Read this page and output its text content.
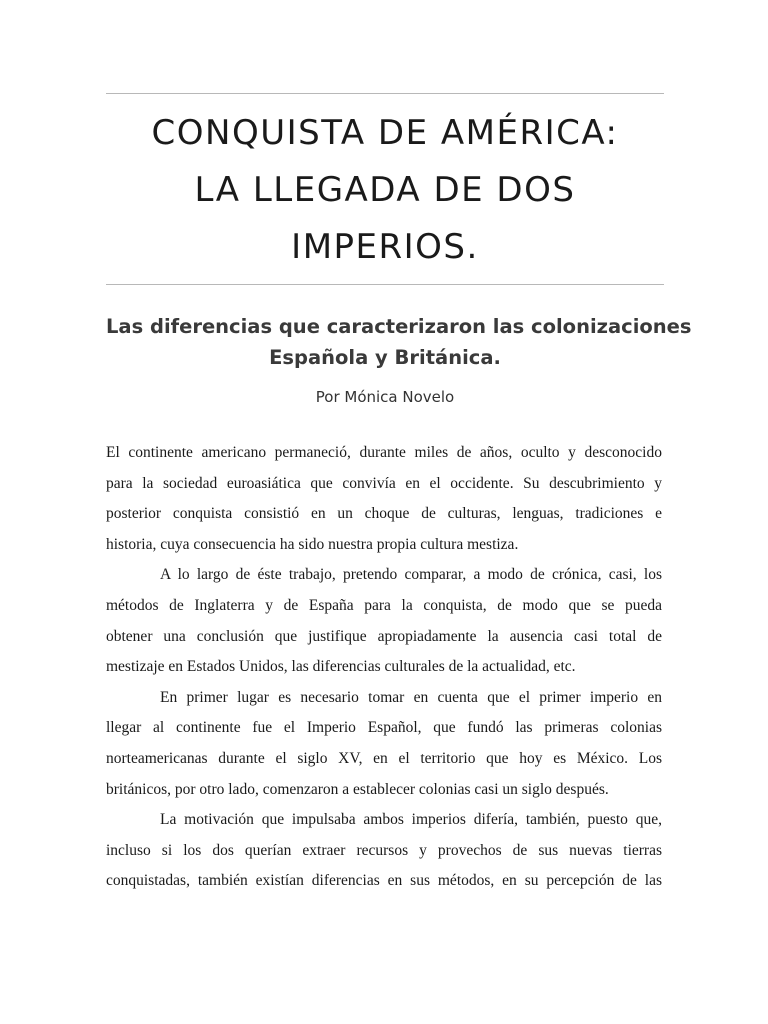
CONQUISTA DE AMÉRICA:
LA LLEGADA DE DOS
IMPERIOS.
Las diferencias que caracterizaron las colonizaciones
Española y Británica.

Por Mónica Novelo

El continente americano permaneció, durante miles de años, oculto y desconocido
para la sociedad euroasiática que convivía en el occidente. Su descubrimiento y
posterior conquista consistió en un choque de culturas, lenguas, tradiciones e
historia, cuya consecuencia ha sido nuestra propia cultura mestiza.
A lo largo de éste trabajo, pretendo comparar, a modo de crónica, casi, los
métodos de Inglaterra y de España para la conquista, de modo que se pueda
obtener una conclusión que justifique apropiadamente la ausencia casi total de
mestizaje en Estados Unidos, las diferencias culturales de la actualidad, etc.
En primer lugar es necesario tomar en cuenta que el primer imperio en
llegar al continente fue el Imperio Español, que fundó las primeras colonias
norteamericanas durante el siglo XV, en el territorio que hoy es México. Los
británicos, por otro lado, comenzaron a establecer colonias casi un siglo después.
La motivación que impulsaba ambos imperios difería, también, puesto que,
incluso si los dos querían extraer recursos y provechos de sus nuevas tierras
conquistadas, también existían diferencias en sus métodos, en su percepción de las
